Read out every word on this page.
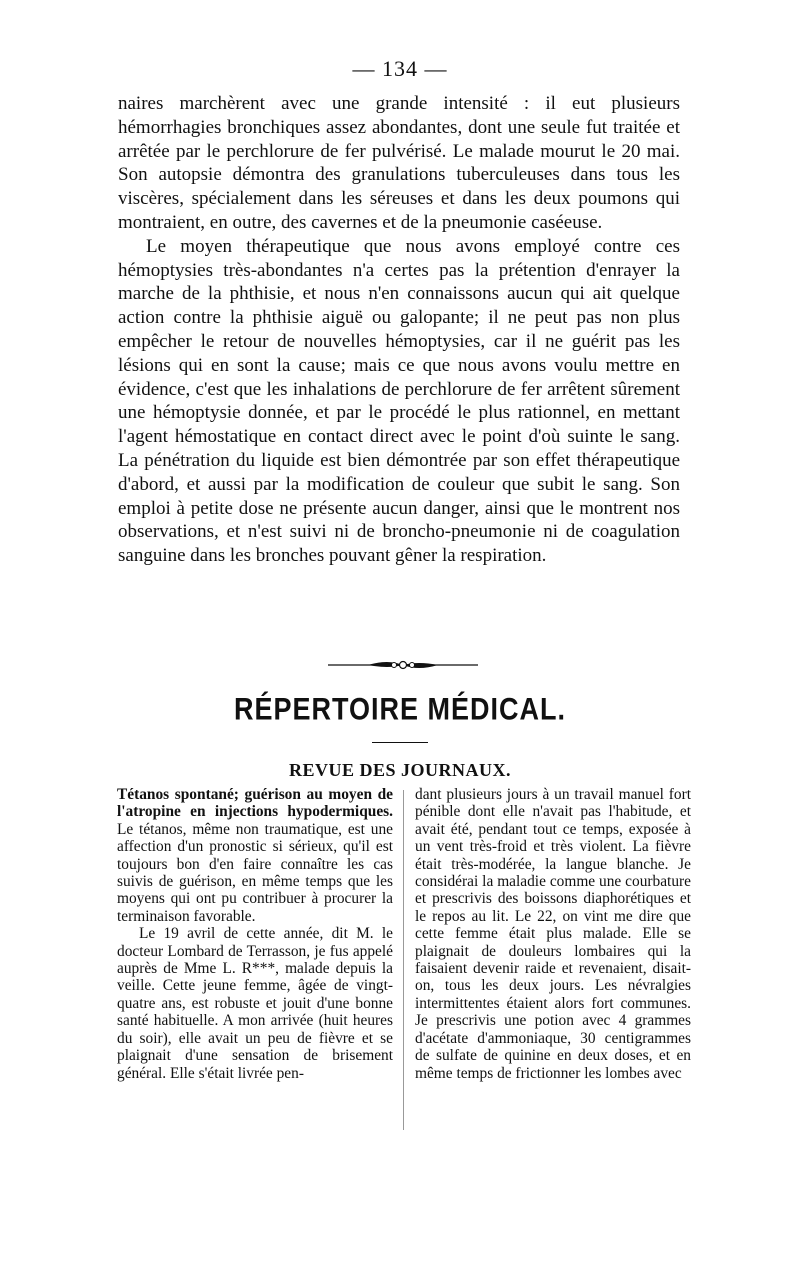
— 134 —

naires marchèrent avec une grande intensité : il eut plusieurs hémorrhagies bronchiques assez abondantes, dont une seule fut traitée et arrêtée par le perchlorure de fer pulvérisé. Le malade mourut le 20 mai. Son autopsie démontra des granulations tuberculeuses dans tous les viscères, spécialement dans les séreuses et dans les deux poumons qui montraient, en outre, des cavernes et de la pneumonie caséeuse.

Le moyen thérapeutique que nous avons employé contre ces hémoptysies très-abondantes n'a certes pas la prétention d'enrayer la marche de la phthisie, et nous n'en connaissons aucun qui ait quelque action contre la phthisie aiguë ou galopante; il ne peut pas non plus empêcher le retour de nouvelles hémoptysies, car il ne guérit pas les lésions qui en sont la cause; mais ce que nous avons voulu mettre en évidence, c'est que les inhalations de perchlorure de fer arrêtent sûrement une hémoptysie donnée, et par le procédé le plus rationnel, en mettant l'agent hémostatique en contact direct avec le point d'où suinte le sang. La pénétration du liquide est bien démontrée par son effet thérapeutique d'abord, et aussi par la modification de couleur que subit le sang. Son emploi à petite dose ne présente aucun danger, ainsi que le montrent nos observations, et n'est suivi ni de broncho-pneumonie ni de coagulation sanguine dans les bronches pouvant gêner la respiration.

RÉPERTOIRE MÉDICAL.
REVUE DES JOURNAUX.

Tétanos spontané; guérison au moyen de l'atropine en injections hypodermiques. Le tétanos, même non traumatique, est une affection d'un pronostic si sérieux, qu'il est toujours bon d'en faire connaître les cas suivis de guérison, en même temps que les moyens qui ont pu contribuer à procurer la terminaison favorable.

Le 19 avril de cette année, dit M. le docteur Lombard de Terrasson, je fus appelé auprès de Mme L. R***, malade depuis la veille. Cette jeune femme, âgée de vingt-quatre ans, est robuste et jouit d'une bonne santé habituelle. A mon arrivée (huit heures du soir), elle avait un peu de fièvre et se plaignait d'une sensation de brisement général. Elle s'était livrée pen-

dant plusieurs jours à un travail manuel fort pénible dont elle n'avait pas l'habitude, et avait été, pendant tout ce temps, exposée à un vent très-froid et très violent. La fièvre était très-modérée, la langue blanche. Je considérai la maladie comme une courbature et prescrivis des boissons diaphorétiques et le repos au lit. Le 22, on vint me dire que cette femme était plus malade. Elle se plaignait de douleurs lombaires qui la faisaient devenir raide et revenaient, disait-on, tous les deux jours. Les névralgies intermittentes étaient alors fort communes. Je prescrivis une potion avec 4 grammes d'acétate d'ammoniaque, 30 centigrammes de sulfate de quinine en deux doses, et en même temps de frictionner les lombes avec
